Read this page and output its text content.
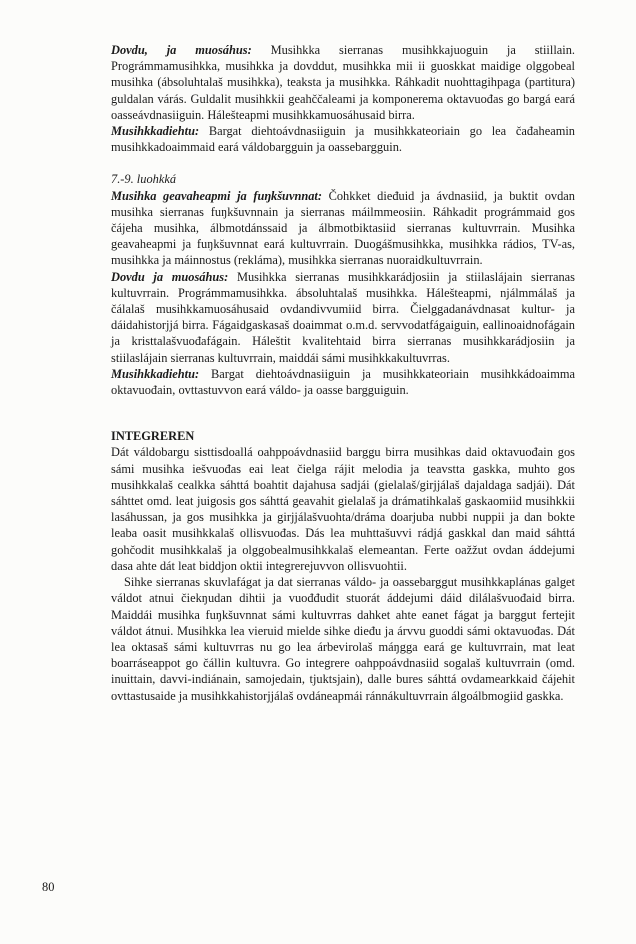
Dovdu, ja muosáhus: Musihkka sierranas musihkkajuoguin ja stiillain. Prográmmamusihkka, musihkka ja dovddut, musihkka mii ii guoskkat maidige olggobeal musihka (ábsoluhtalaš musihkka), teaksta ja musihkka. Ráhkadit nuohttagihpaga (partitura) guldalan várás. Guldalit musihkkii geahččaleami ja komponerema oktavuođas go bargá eará oasseávdnasiiguin. Hálešteapmi musihkkamuosáhusaid birra.

Musihkkadiehtu: Bargat diehtoávdnasiiguin ja musihkkateoriain go lea čađaheamin musihkkadoaimmaid eará váldobargguin ja oassebargguin.

7.-9. luohkká

Musihka geavaheapmi ja fuŋkšuvnnat: Čohkket dieđuid ja ávdnasiid, ja buktit ovdan musihka sierranas fuŋkšuvnnain ja sierranas máilmmeosiin. Ráhkadit prográmmaid gos čájeha musihka, álbmotdánssaid ja álbmotbiktasiid sierranas kultuvrrain. Musihka geavaheapmi ja fuŋkšuvnnat eará kultuvrrain. Duogášmusihkka, musihkka rádios, TV-as, musihkka ja máinnostus (rekláma), musihkka sierranas nuoraidkultuvrrain.

Dovdu ja muosáhus: Musihkka sierranas musihkkarádjosiin ja stiilaslájain sierranas kultuvrrain. Prográmmamusihkka. ábsoluhtalaš musihkka. Hálešteapmi, njálmmálaš ja čálalaš musihkkamuosáhusaid ovdandivvumiid birra. Čielggadanávdnasat kultur- ja dáidahistorjjá birra. Fágaidgaskasaš doaimmat o.m.d. servvodatfágaiguin, eallinoaidnofágain ja kristtalašvuođafágain. Háleštit kvalitehtaid birra sierranas musihkkarádjosiin ja stiilaslájain sierranas kultuvrrain, maiddái sámi musihkkakultuvrras.

Musihkkadiehtu: Bargat diehtoávdnasiiguin ja musihkkateoriain musihkkádoaimma oktavuođain, ovttastuvvon eará váldo- ja oasse bargguiguin.

INTEGREREN

Dát váldobargu sisttisdoallá oahppoávdnasiid barggu birra musihkas daid oktavuođain gos sámi musihka iešvuođas eai leat čielga rájit melodia ja teavstta gaskka, muhto gos musihkkalaš cealkka sáhttá boahtit dajahusa sadjái (gielalaš/girjjálaš dajaldaga sadjái). Dát sáhttet omd. leat juigosis gos sáhttá geavahit gielalaš ja drámatihkalaš gaskaomiid musihkkii lasáhussan, ja gos musihkka ja girjjálašvuohta/dráma doarjuba nubbi nuppii ja dan bokte leaba oasit musihkkalaš ollisvuođas. Dás lea muhttašuvvi rádjá gaskkal dan maid sáhttá gohčodit musihkkalaš ja olggobealmusihkkalaš elemeantan. Ferte oažžut ovdan áddejumi dasa ahte dát leat biddjon oktii integrerejuvvon ollisvuohtii.

Sihke sierranas skuvlafágat ja dat sierranas váldo- ja oassebarggut musihkkaplánas galget váldot atnui čiekŋudan dihtii ja vuođđudit stuorát áddejumi dáid dilálašvuođaid birra. Maiddái musihka fuŋkšuvnnat sámi kultuvrras dahket ahte eanet fágat ja barggut fertejit váldot átnui. Musihkka lea vieruid mielde sihke dieđu ja árvvu guoddi sámi oktavuođas. Dát lea oktasaš sámi kultuvrras nu go lea árbevirolaš máŋgga eará ge kultuvrrain, mat leat boarráseappot go čállin kultuvra. Go integrere oahppoávdnasiid sogalaš kultuvrrain (omd. inuittain, davvi-indiánain, samojedain, tjuktsjain), dalle bures sáhttá ovdamearkkaid čájehit ovttastusaide ja musihkkahistorjjálaš ovdáneapmái ránnákultuvrrain álgoálbmogiid gaskka.

80
